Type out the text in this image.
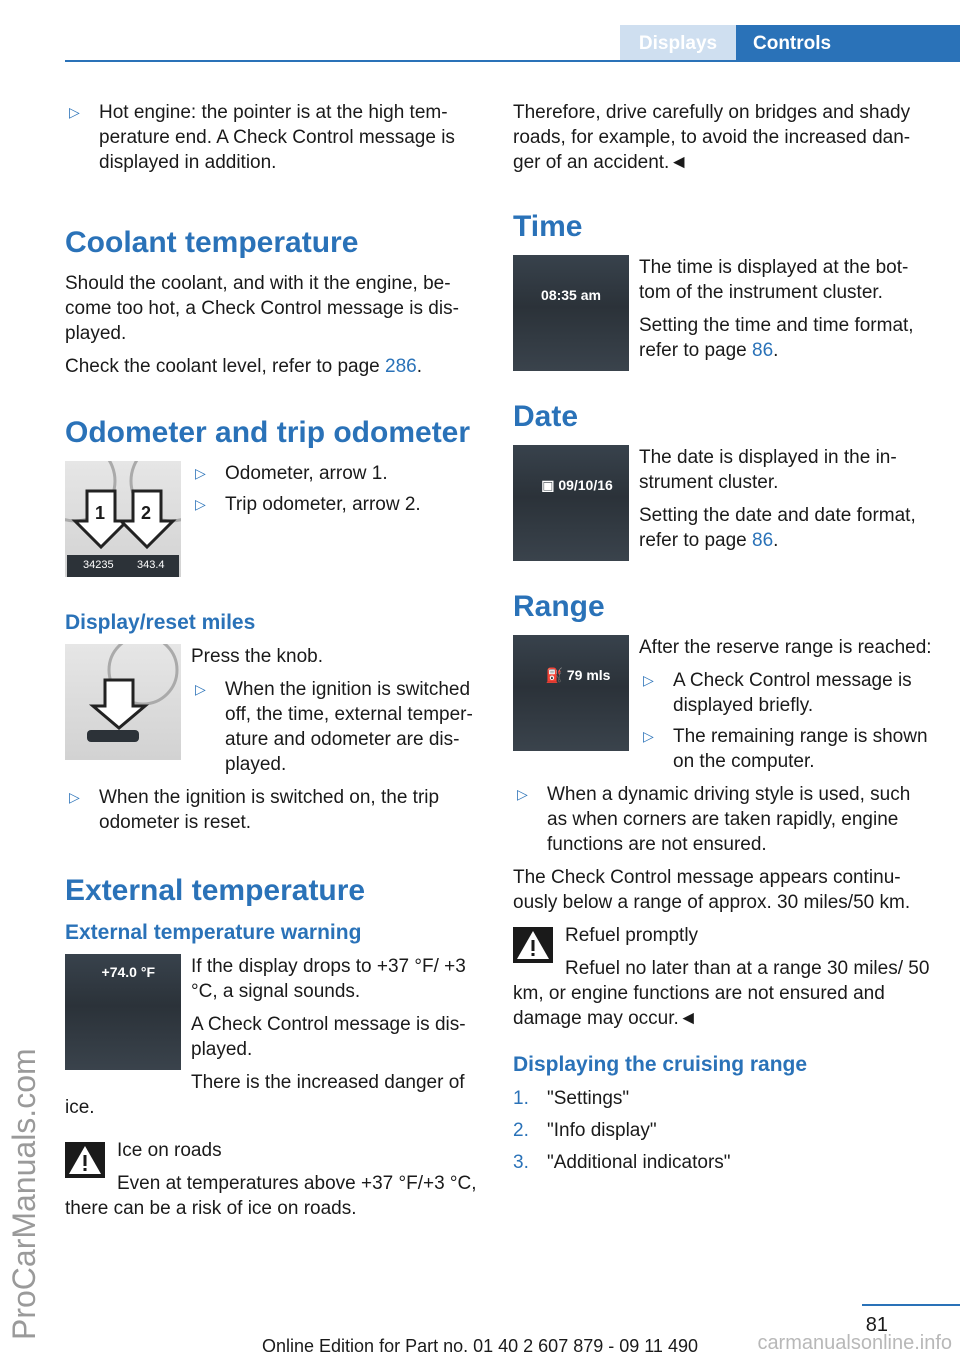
Displays	Controls
ProCarManuals.com
▷ Hot engine: the pointer is at the high tem-perature end. A Check Control message is displayed in addition.
Coolant temperature

Should the coolant, and with it the engine, be-come too hot, a Check Control message is dis-played.

Check the coolant level, refer to page 286.

Odometer and trip odometer
1 2
34235 343.4
▷ Odometer, arrow 1.
▷ Trip odometer, arrow 2.
Display/reset miles

Press the knob.

▷ When the ignition is switched off, the time, external temper-ature and odometer are dis-played.
▷ When the ignition is switched on, the trip odometer is reset.
External temperature
External temperature warning
+74.0 °F	If the display drops to +37 °F/ +3 °C, a signal sounds.

A Check Control message is dis-played.

There is the increased danger of ice.

Ice on roads

Even at temperatures above +37 °F/+3 °C, there can be a risk of ice on roads.

Therefore, drive carefully on bridges and shady roads, for example, to avoid the increased dan-ger of an accident.◄

Time
08:35 am

The time is displayed at the bot-tom of the instrument cluster.

Setting the time and time format, refer to page 86.

Date
▣ 09/10/16

The date is displayed in the in-strument cluster.

Setting the date and date format, refer to page 86.

Range
⛽ 79 mls

After the reserve range is reached:

▷ A Check Control message is displayed briefly.
▷ The remaining range is shown on the computer.
▷ When a dynamic driving style is used, such as when corners are taken rapidly, engine functions are not ensured.

The Check Control message appears continu-ously below a range of approx. 30 miles/50 km.

Refuel promptly

Refuel no later than at a range 30 miles/ 50 km, or engine functions are not ensured and damage may occur.◄

Displaying the cruising range
1. "Settings"
2. "Info display"
3. "Additional indicators"
81
Online Edition for Part no. 01 40 2 607 879 - 09 11 490	carmanualsonline.info
